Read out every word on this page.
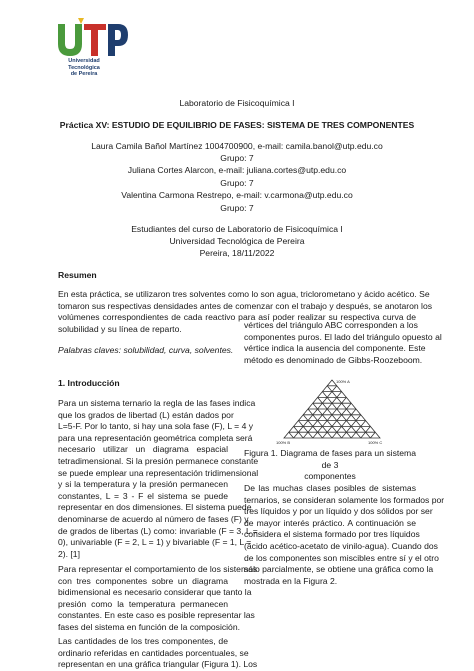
Universidad Tecnológica
de Pereira
Laboratorio de Fisicoquímica I
Práctica XV: ESTUDIO DE EQUILIBRIO DE FASES: SISTEMA DE TRES COMPONENTES
Laura Camila Bañol Martínez 1004700900, e-mail: camila.banol@utp.edu.co
Grupo: 7
Juliana Cortes Alarcon, e-mail: juliana.cortes@utp.edu.co
Grupo: 7
Valentina Carmona Restrepo, e-mail: v.carmona@utp.edu.co
Grupo: 7
Estudiantes del curso de Laboratorio de Fisicoquímica I
Universidad Tecnológica de Pereira
Pereira, 18/11/2022
Resumen
En esta práctica, se utilizaron tres solventes como lo son agua, triclorometano y ácido acético. Se
tomaron sus respectivas densidades antes de comenzar con el trabajo y después, se anotaron los
volúmenes correspondientes de cada reactivo para así poder realizar su respectiva curva de
solubilidad y su línea de reparto.
Palabras claves: solubilidad, curva, solventes.
1. Introducción
Para un sistema ternario la regla de las fases indica
que los grados de libertad (L) están dados por
L=5-F. Por lo tanto, si hay una sola fase (F), L = 4 y
para una representación geométrica completa será
necesario utilizar un diagrama espacial
tetradimensional. Si la presión permanece constante
se puede emplear una representación tridimensional
y si la temperatura y la presión permanecen
constantes, L = 3 - F el sistema se puede
representar en dos dimensiones. El sistema puede
denominarse de acuerdo al número de fases (F) y
de grados de libertas (L) como: invariable (F = 3, L =
0), univariable (F = 2, L = 1) y bivariable (F = 1, L =
2). [1]
Para representar el comportamiento de los sistemas
con tres componentes sobre un diagrama
bidimensional es necesario considerar que tanto la
presión como la temperatura permanecen
constantes. En este caso es posible representar las
fases del sistema en función de la composición.
Las cantidades de los tres componentes, de
ordinario referidas en cantidades porcentuales, se
representan en una gráfica triangular (Figura 1). Los
vértices del triángulo ABC corresponden a los
componentes puros. El lado del triángulo opuesto al
vértice indica la ausencia del componente. Este
método es denominado de Gibbs-Roozeboom.
100% A
100% B	100% C
Figura 1. Diagrama de fases para un sistema de 3
componentes
De las muchas clases posibles de sistemas
ternarios, se consideran solamente los formados por
tres líquidos y por un líquido y dos sólidos por ser
de mayor interés práctico. A continuación se
considera el sistema formado por tres líquidos
(ácido acético-acetato de vinilo-agua). Cuando dos
de los componentes son miscibles entre sí y el otro
sólo parcialmente, se obtiene una gráfica como la
mostrada en la Figura 2.
